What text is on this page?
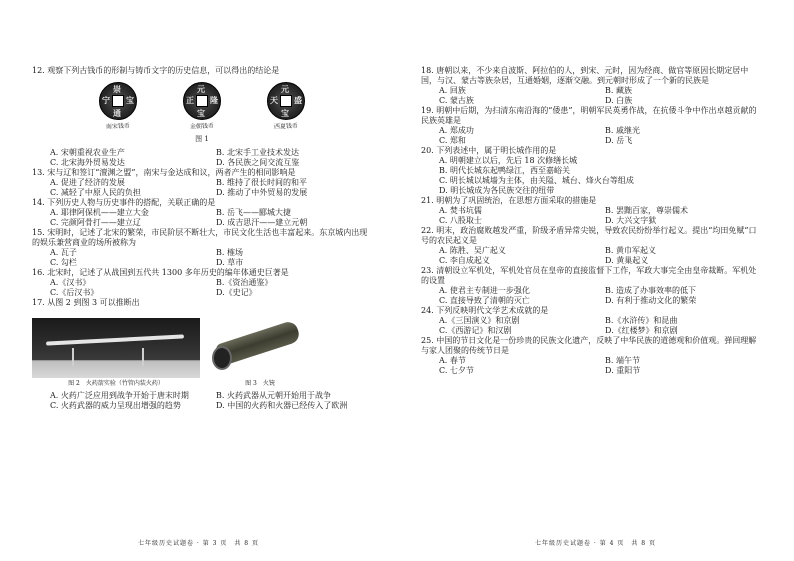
12. 观察下列古钱币的形制与铸币文字的历史信息，可以得出的结论是
崇
通
宁 宝
南宋钱币
元
宝
正 隆
金朝钱币
元
宝
天 盛
西夏钱币
图 1
A. 宋朝重视农业生产	B. 北宋手工业技术发达
C. 北宋海外贸易发达	D. 各民族之间交流互鉴
13. 宋与辽和签订“澶渊之盟”，南宋与金达成和议，两者产生的相同影响是
A. 促进了经济的发展	B. 维持了很长时间的和平
C. 减轻了中原人民的负担	D. 推动了中外贸易的发展
14. 下列历史人物与历史事件的搭配，关联正确的是
A. 耶律阿保机——建立大金	B. 岳飞——郾城大捷
C. 完颜阿骨打——建立辽	D. 成吉思汗——建立元朝
15. 宋明时，记述了北宋的繁荣，市民阶层不断壮大，市民文化生活也丰富起来。东京城内出现的娱乐兼营商业的场所被称为
A. 瓦子	B. 榷场
C. 勾栏	D. 草市
16. 北宋时，记述了从战国到五代共 1300 多年历史的编年体通史巨著是
A.《汉书》	B.《资治通鉴》
C.《后汉书》	D.《史记》
17. 从图 2 到图 3 可以推断出
图 2　火药箭实验（竹管内装火药）	图 3　火铳
A. 火药广泛应用到战争开始于唐末时期	B. 火药武器从元朝开始用于战争
C. 火药武器的威力呈现出增强的趋势	D. 中国的火药和火器已经传入了欧洲
七年级历史试题卷 · 第 3 页　共 8 页
18. 唐朝以来，不少来自波斯、阿拉伯的人，到宋、元时，因为经商、做官等原因长期定居中国，与汉、蒙古等族杂居，互通婚姻，逐渐交融。到元朝时形成了一个新的民族是
A. 回族	B. 藏族
C. 蒙古族	D. 白族
19. 明朝中后期，为扫清东南沿海的“倭患”，明朝军民英勇作战，在抗倭斗争中作出卓越贡献的民族英雄是
A. 郑成功	B. 戚继光
C. 郑和	D. 岳飞
20. 下列表述中，属于明长城作用的是
A. 明朝建立以后，先后 18 次修缮长城
B. 明代长城东起鸭绿江，西至嘉峪关
C. 明长城以城墙为主体，由关隘、城台、烽火台等组成
D. 明长城成为各民族交往的纽带
21. 明朝为了巩固统治，在思想方面采取的措施是
A. 焚书坑儒	B. 罢黜百家，尊崇儒术
C. 八股取士	D. 大兴文字狱
22. 明末，政治腐败越发严重，阶级矛盾异常尖锐，导致农民纷纷举行起义。提出“均田免赋”口号的农民起义是
A. 陈胜、吴广起义	B. 黄巾军起义
C. 李自成起义	D. 黄巢起义
23. 清朝设立军机处，军机处官员在皇帝的直接监督下工作，军政大事完全由皇帝裁断。军机处的设置
A. 使君主专制进一步强化	B. 造成了办事效率的低下
C. 直接导致了清朝的灭亡	D. 有利于推动文化的繁荣
24. 下列反映明代文学艺术成就的是
A.《三国演义》和京剧	B.《水浒传》和昆曲
C.《西游记》和汉剧	D.《红楼梦》和京剧
25. 中国的节日文化是一份珍贵的民族文化遗产，反映了中华民族的道德观和价值观。弹回理解与家人团聚的传统节日是
A. 春节	B. 端午节
C. 七夕节	D. 重阳节
七年级历史试题卷 · 第 4 页　共 8 页
